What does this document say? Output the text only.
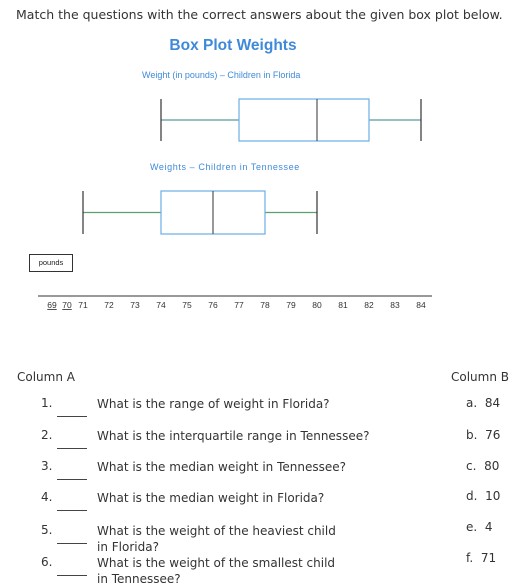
Match the questions with the correct answers about the given box plot below.
Box Plot Weights
Weight (in pounds) – Children in Florida
Weights – Children in Tennessee
pounds
69 70 71 72 73 74 75 76 77 78 79 80 81 82 83 84
Column A	Column B
1.	What is the range of weight in Florida?
2.	What is the interquartile range in Tennessee?
3.	What is the median weight in Tennessee?
4.	What is the median weight in Florida?
5.	What is the weight of the heaviest child in Florida?
6.	What is the weight of the smallest child in Tennessee?
a. 84
b. 76
c. 80
d. 10
e. 4
f. 71
